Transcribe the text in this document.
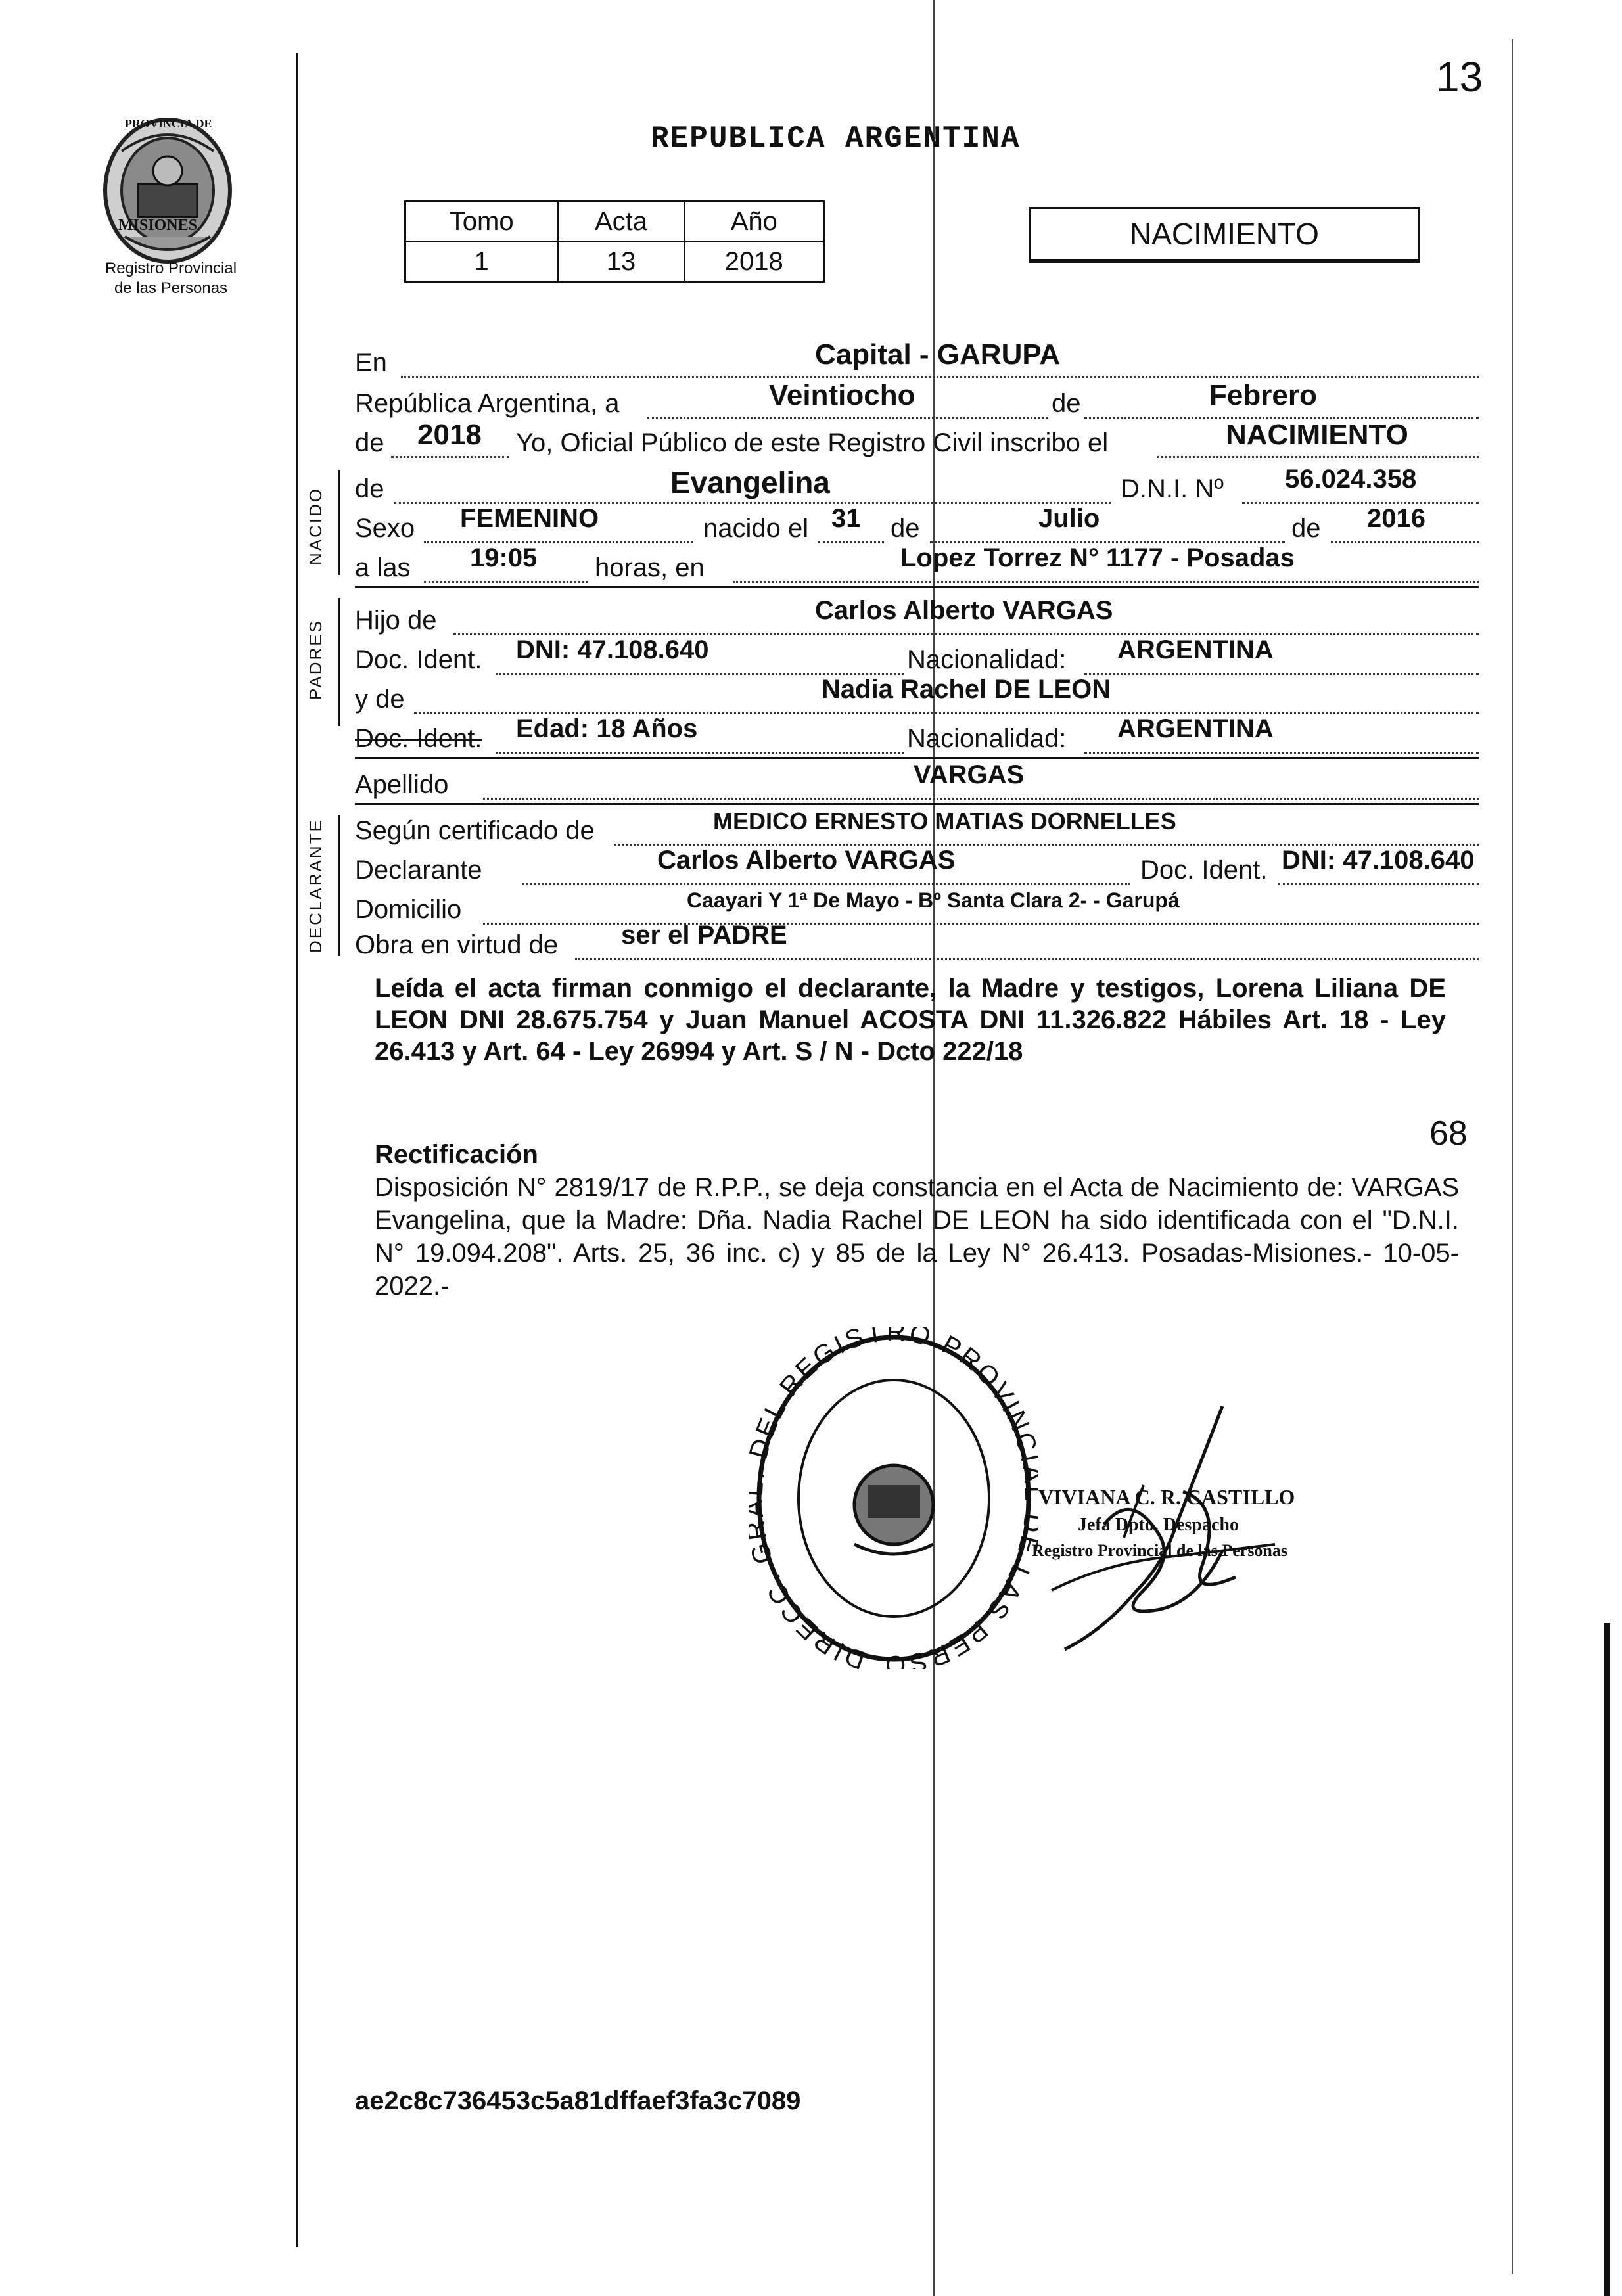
PROVINCIA DE
MISIONES
Registro Provincial
de las Personas
13
REPUBLICA ARGENTINA
Tomo	Acta	Año
1	13	2018
NACIMIENTO
En	Capital - GARUPA
República Argentina, a	Veintiocho	de	Febrero
de 2018 Yo, Oficial Público de este Registro Civil inscribo el	NACIMIENTO
NACIDO de	Evangelina	D.N.I. Nº 56.024.358
Sexo FEMENINO	nacido el 31 de	Julio	de 2016
a las 19:05 horas, en	Lopez Torrez N° 1177 - Posadas
PADRES Hijo de	Carlos Alberto VARGAS
Doc. Ident. DNI: 47.108.640	Nacionalidad: ARGENTINA
y de	Nadia Rachel DE LEON
Doc. Ident. Edad: 18 Años	Nacionalidad: ARGENTINA
Apellido	VARGAS
DECLARANTE Según certificado de	MEDICO ERNESTO MATIAS DORNELLES
Declarante	Carlos Alberto VARGAS	Doc. Ident. DNI: 47.108.640
Domicilio	Caayari Y 1ª De Mayo - Bº Santa Clara 2- - Garupá
Obra en virtud de ser el PADRE
Leída el acta firman conmigo el declarante, la Madre y testigos, Lorena Liliana DE LEON DNI 28.675.754 y Juan Manuel ACOSTA DNI 11.326.822 Hábiles Art. 18 - Ley 26.413 y Art. 64 - Ley 26994 y Art. S / N - Dcto 222/18
Rectificación
68
Disposición N° 2819/17 de R.P.P., se deja constancia en el Acta de Nacimiento de: VARGAS Evangelina, que la Madre: Dña. Nadia Rachel DE LEON ha sido identificada con el "D.N.I. N° 19.094.208". Arts. 25, 36 inc. c) y 85 de la Ley N° 26.413. Posadas-Misiones.- 10-05-2022.-
DIRECC. EL REGISTRO PROVIN LAS PERSO
VIVIANA C. R. CASTILLO
Jefa Dpto. Despacho
Registro Provincial de las Personas
ae2c8c736453c5a81dffaef3fa3c7089
